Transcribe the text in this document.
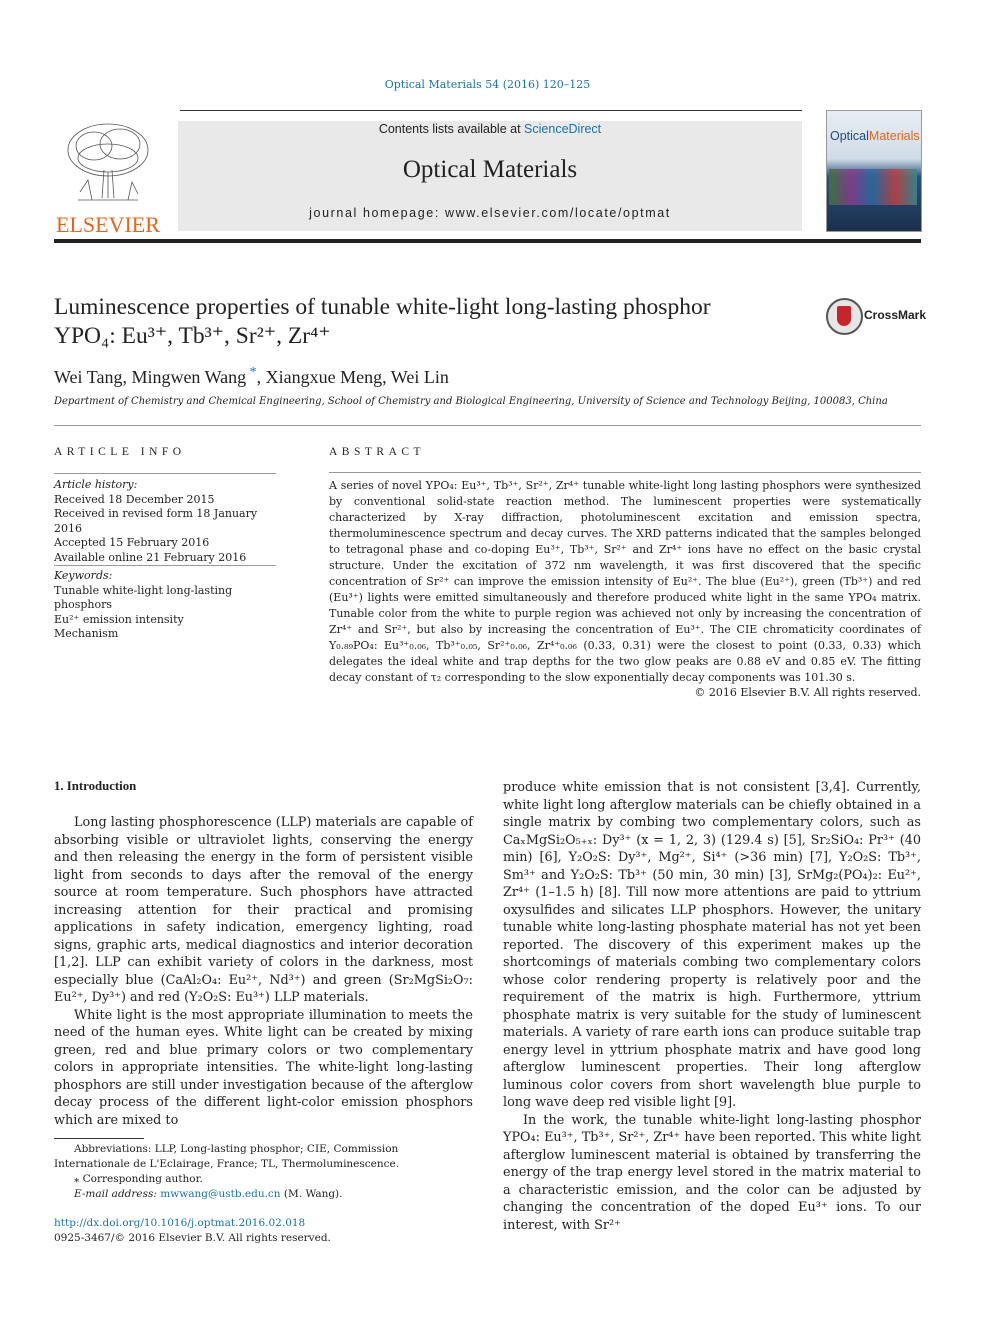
Optical Materials 54 (2016) 120–125
ELSEVIER
Contents lists available at ScienceDirect
Optical Materials
journal homepage: www.elsevier.com/locate/optmat
OpticalMaterials
Luminescence properties of tunable white-light long-lasting phosphor
YPO₄: Eu³⁺, Tb³⁺, Sr²⁺, Zr⁴⁺
CrossMark
Wei Tang, Mingwen Wang *, Xiangxue Meng, Wei Lin
Department of Chemistry and Chemical Engineering, School of Chemistry and Biological Engineering, University of Science and Technology Beijing, 100083, China
ARTICLE INFO	ABSTRACT
Article history:
Received 18 December 2015
Received in revised form 18 January 2016
Accepted 15 February 2016
Available online 21 February 2016
Keywords:
Tunable white-light long-lasting phosphors
Eu²⁺ emission intensity
Mechanism
A series of novel YPO₄: Eu³⁺, Tb³⁺, Sr²⁺, Zr⁴⁺ tunable white-light long lasting phosphors were synthesized by conventional solid-state reaction method. The luminescent properties were systematically characterized by X-ray diffraction, photoluminescent excitation and emission spectra, thermoluminescence spectrum and decay curves. The XRD patterns indicated that the samples belonged to tetragonal phase and co-doping Eu³⁺, Tb³⁺, Sr²⁺ and Zr⁴⁺ ions have no effect on the basic crystal structure. Under the excitation of 372 nm wavelength, it was first discovered that the specific concentration of Sr²⁺ can improve the emission intensity of Eu²⁺. The blue (Eu²⁺), green (Tb³⁺) and red (Eu³⁺) lights were emitted simultaneously and therefore produced white light in the same YPO₄ matrix. Tunable color from the white to purple region was achieved not only by increasing the concentration of Zr⁴⁺ and Sr²⁺, but also by increasing the concentration of Eu³⁺. The CIE chromaticity coordinates of Y₀.₈₉PO₄: Eu³⁺₀.₀₆, Tb³⁺₀.₀₅, Sr²⁺₀.₀₆, Zr⁴⁺₀.₀₆ (0.33, 0.31) were the closest to point (0.33, 0.33) which delegates the ideal white and trap depths for the two glow peaks are 0.88 eV and 0.85 eV. The fitting decay constant of τ₂ corresponding to the slow exponentially decay components was 101.30 s.
© 2016 Elsevier B.V. All rights reserved.
1. Introduction

Long lasting phosphorescence (LLP) materials are capable of absorbing visible or ultraviolet lights, conserving the energy and then releasing the energy in the form of persistent visible light from seconds to days after the removal of the energy source at room temperature. Such phosphors have attracted increasing attention for their practical and promising applications in safety indication, emergency lighting, road signs, graphic arts, medical diagnostics and interior decoration [1,2]. LLP can exhibit variety of colors in the darkness, most especially blue (CaAl₂O₄: Eu²⁺, Nd³⁺) and green (Sr₂MgSi₂O₇: Eu²⁺, Dy³⁺) and red (Y₂O₂S: Eu³⁺) LLP materials.

White light is the most appropriate illumination to meets the need of the human eyes. White light can be created by mixing green, red and blue primary colors or two complementary colors in appropriate intensities. The white-light long-lasting phosphors are still under investigation because of the afterglow decay process of the different light-color emission phosphors which are mixed to

produce white emission that is not consistent [3,4]. Currently, white light long afterglow materials can be chiefly obtained in a single matrix by combing two complementary colors, such as CaₓMgSi₂O₅₊ₓ: Dy³⁺ (x = 1, 2, 3) (129.4 s) [5], Sr₂SiO₄: Pr³⁺ (40 min) [6], Y₂O₂S: Dy³⁺, Mg²⁺, Si⁴⁺ (>36 min) [7], Y₂O₂S: Tb³⁺, Sm³⁺ and Y₂O₂S: Tb³⁺ (50 min, 30 min) [3], SrMg₂(PO₄)₂: Eu²⁺, Zr⁴⁺ (1–1.5 h) [8]. Till now more attentions are paid to yttrium oxysulfides and silicates LLP phosphors. However, the unitary tunable white long-lasting phosphate material has not yet been reported. The discovery of this experiment makes up the shortcomings of materials combing two complementary colors whose color rendering property is relatively poor and the requirement of the matrix is high. Furthermore, yttrium phosphate matrix is very suitable for the study of luminescent materials. A variety of rare earth ions can produce suitable trap energy level in yttrium phosphate matrix and have good long afterglow luminescent properties. Their long afterglow luminous color covers from short wavelength blue purple to long wave deep red visible light [9].

In the work, the tunable white-light long-lasting phosphor YPO₄: Eu³⁺, Tb³⁺, Sr²⁺, Zr⁴⁺ have been reported. This white light afterglow luminescent material is obtained by transferring the energy of the trap energy level stored in the matrix material to a characteristic emission, and the color can be adjusted by changing the concentration of the doped Eu³⁺ ions. To our interest, with Sr²⁺

Abbreviations: LLP, Long-lasting phosphor; CIE, Commission Internationale de L'Eclairage, France; TL, Thermoluminescence.
⁎ Corresponding author.
E-mail address: mwwang@ustb.edu.cn (M. Wang).
http://dx.doi.org/10.1016/j.optmat.2016.02.018
0925-3467/© 2016 Elsevier B.V. All rights reserved.
